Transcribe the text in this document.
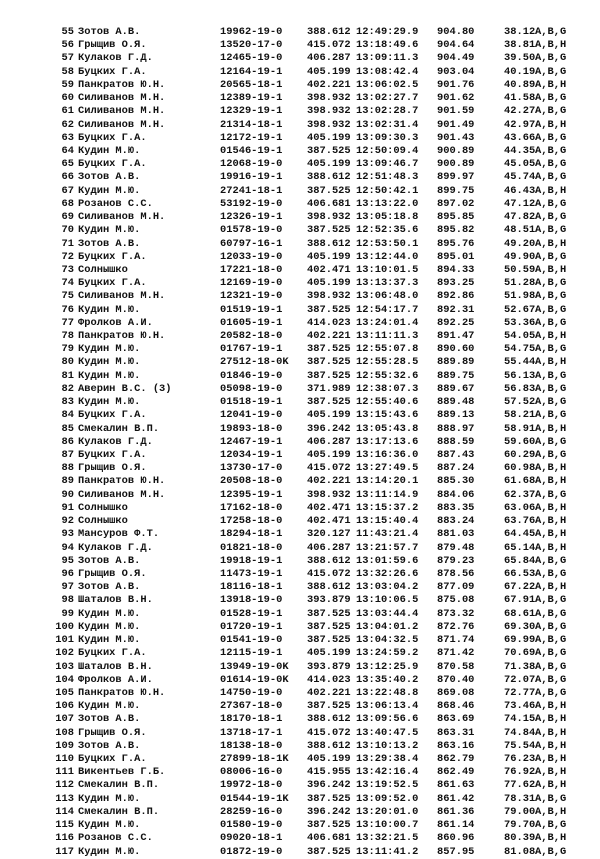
55 Зотов А.В.	19962-19-0 388.612 12:49:29.9 904.80	38.12 A,B,G
56 Грыщив О.Я.	13520-17-0 415.072 13:18:49.6 904.64	38.81 A,B,H
57 Кулаков Г.Д.	12465-19-0 406.287 13:09:11.3 904.49	39.50 A,B,G
58 Буцких Г.А.	12164-19-1 405.199 13:08:42.4 903.04	40.19 A,B,G
59 Панкратов Ю.Н.	20565-18-1 402.221 13:06:02.5 901.76	40.89 A,B,H
60 Силиванов М.Н.	12389-19-1 398.932 13:02:27.7 901.62	41.58 A,B,G
61 Силиванов М.Н.	12329-19-1 398.932 13:02:28.7 901.59	42.27 A,B,G
62 Силиванов М.Н.	21314-18-1 398.932 13:02:31.4 901.49	42.97 A,B,H
63 Буцких Г.А.	12172-19-1 405.199 13:09:30.3 901.43	43.66 A,B,G
64 Кудин М.Ю.	01546-19-1 387.525 12:50:09.4 900.89	44.35 A,B,G
65 Буцких Г.А.	12068-19-0 405.199 13:09:46.7 900.89	45.05 A,B,G
66 Зотов А.В.	19916-19-1 388.612 12:51:48.3 899.97	45.74 A,B,G
67 Кудин М.Ю.	27241-18-1 387.525 12:50:42.1 899.75	46.43 A,B,H
68 Розанов С.С.	53192-19-0 406.681 13:13:22.0 897.02	47.12 A,B,G
69 Силиванов М.Н.	12326-19-1 398.932 13:05:18.8 895.85	47.82 A,B,G
70 Кудин М.Ю.	01578-19-0 387.525 12:52:35.6 895.82	48.51 A,B,G
71 Зотов А.В.	60797-16-1 388.612 12:53:50.1 895.76	49.20 A,B,H
72 Буцких Г.А.	12033-19-0 405.199 13:12:44.0 895.01	49.90 A,B,G
73 Солнышко	17221-18-0 402.471 13:10:01.5 894.33	50.59 A,B,H
74 Буцких Г.А.	12169-19-0 405.199 13:13:37.3 893.25	51.28 A,B,G
75 Силиванов М.Н.	12321-19-0 398.932 13:06:48.0 892.86	51.98 A,B,G
76 Кудин М.Ю.	01519-19-1 387.525 12:54:17.7 892.31	52.67 A,B,G
77 Фролков А.И.	01605-19-1 414.023 13:24:01.4 892.25	53.36 A,B,G
78 Панкратов Ю.Н.	20582-18-0 402.221 13:11:11.3 891.47	54.05 A,B,H
79 Кудин М.Ю.	01767-19-1 387.525 12:55:07.8 890.60	54.75 A,B,G
80 Кудин М.Ю.	27512-18-0K 387.525 12:55:28.5 889.89	55.44 A,B,H
81 Кудин М.Ю.	01846-19-0 387.525 12:55:32.6 889.75	56.13 A,B,G
82 Аверин В.С. (3)	05098-19-0 371.989 12:38:07.3 889.67	56.83 A,B,G
83 Кудин М.Ю.	01518-19-1 387.525 12:55:40.6 889.48	57.52 A,B,G
84 Буцких Г.А.	12041-19-0 405.199 13:15:43.6 889.13	58.21 A,B,G
85 Смекалин В.П.	19893-18-0 396.242 13:05:43.8 888.97	58.91 A,B,H
86 Кулаков Г.Д.	12467-19-1 406.287 13:17:13.6 888.59	59.60 A,B,G
87 Буцких Г.А.	12034-19-1 405.199 13:16:36.0 887.43	60.29 A,B,G
88 Грыщив О.Я.	13730-17-0 415.072 13:27:49.5 887.24	60.98 A,B,H
89 Панкратов Ю.Н.	20508-18-0 402.221 13:14:20.1 885.30	61.68 A,B,H
90 Силиванов М.Н.	12395-19-1 398.932 13:11:14.9 884.06	62.37 A,B,G
91 Солнышко	17162-18-0 402.471 13:15:37.2 883.35	63.06 A,B,H
92 Солнышко	17258-18-0 402.471 13:15:40.4 883.24	63.76 A,B,H
93 Мансуров Ф.Т.	18294-18-1 320.127 11:43:21.4 881.03	64.45 A,B,H
94 Кулаков Г.Д.	01821-18-0 406.287 13:21:57.7 879.48	65.14 A,B,H
95 Зотов А.В.	19918-19-1 388.612 13:01:59.6 879.23	65.84 A,B,G
96 Грыщив О.Я.	11473-19-1 415.072 13:32:26.6 878.56	66.53 A,B,G
97 Зотов А.В.	18116-18-1 388.612 13:03:04.2 877.09	67.22 A,B,H
98 Шаталов В.Н.	13918-19-0 393.879 13:10:06.5 875.08	67.91 A,B,G
99 Кудин М.Ю.	01528-19-1 387.525 13:03:44.4 873.32	68.61 A,B,G
100 Кудин М.Ю.	01720-19-1 387.525 13:04:01.2 872.76	69.30 A,B,G
101 Кудин М.Ю.	01541-19-0 387.525 13:04:32.5 871.74	69.99 A,B,G
102 Буцких Г.А.	12115-19-1 405.199 13:24:59.2 871.42	70.69 A,B,G
103 Шаталов В.Н.	13949-19-0K 393.879 13:12:25.9 870.58	71.38 A,B,G
104 Фролков А.И.	01614-19-0K 414.023 13:35:40.2 870.40	72.07 A,B,G
105 Панкратов Ю.Н.	14750-19-0 402.221 13:22:48.8 869.08	72.77 A,B,G
106 Кудин М.Ю.	27367-18-0 387.525 13:06:13.4 868.46	73.46 A,B,H
107 Зотов А.В.	18170-18-1 388.612 13:09:56.6 863.69	74.15 A,B,H
108 Грыщив О.Я.	13718-17-1 415.072 13:40:47.5 863.31	74.84 A,B,H
109 Зотов А.В.	18138-18-0 388.612 13:10:13.2 863.16	75.54 A,B,H
110 Буцких Г.А.	27899-18-1K 405.199 13:29:38.4 862.79	76.23 A,B,H
111 Викентьев Г.Б.	08006-16-0 415.955 13:42:16.4 862.49	76.92 A,B,H
112 Смекалин В.П.	19972-18-0 396.242 13:19:52.5 861.63	77.62 A,B,H
113 Кудин М.Ю.	01544-19-1K 387.525 13:09:52.0 861.42	78.31 A,B,G
114 Смекалин В.П.	28259-16-0 396.242 13:20:01.0 861.36	79.00 A,B,H
115 Кудин М.Ю.	01580-19-0 387.525 13:10:00.7 861.14	79.70 A,B,G
116 Розанов С.С.	09020-18-1 406.681 13:32:21.5 860.96	80.39 A,B,H
117 Кудин М.Ю.	01872-19-0 387.525 13:11:41.2 857.95	81.08 A,B,G
